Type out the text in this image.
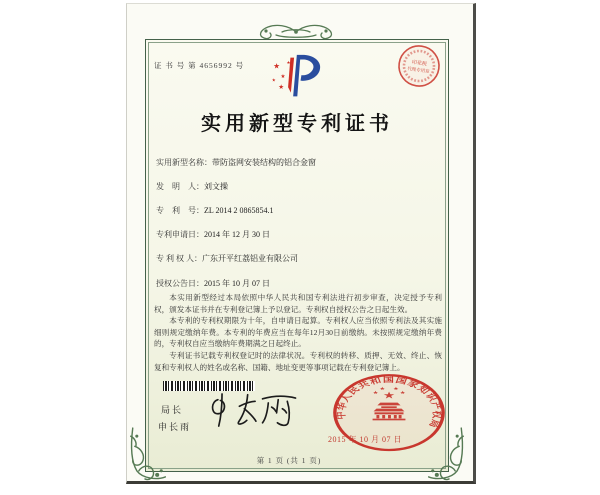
证 书 号 第 4656992 号	印花税
代理专用章
★
★
★
★
★
实用新型专利证书
实用新型名称：带防盗网安装结构的铝合金窗
发　明　人：刘文操
专　利　号：ZL 2014 2 0865854.1
专利申请日：2014 年 12 月 30 日
专 利 权 人：广东开平红荔铝业有限公司
授权公告日：2015 年 10 月 07 日

本实用新型经过本局依照中华人民共和国专利法进行初步审查，决定授予专利权，颁发本证书并在专利登记簿上予以登记。专利权自授权公告之日起生效。

本专利的专利权期限为十年，自申请日起算。专利权人应当依照专利法及其实施细则规定缴纳年费。本专利的年费应当在每年12月30日前缴纳。未按照规定缴纳年费的，专利权自应当缴纳年费期满之日起终止。

专利证书记载专利权登记时的法律状况。专利权的转移、质押、无效、终止、恢复和专利权人的姓名或名称、国籍、地址变更等事项记载在专利登记簿上。

局长
申长雨
中华人民共和国国家知识产权局
★
★
★ ★
★
2015 年 10 月 07 日
第 1 页 (共 1 页)
